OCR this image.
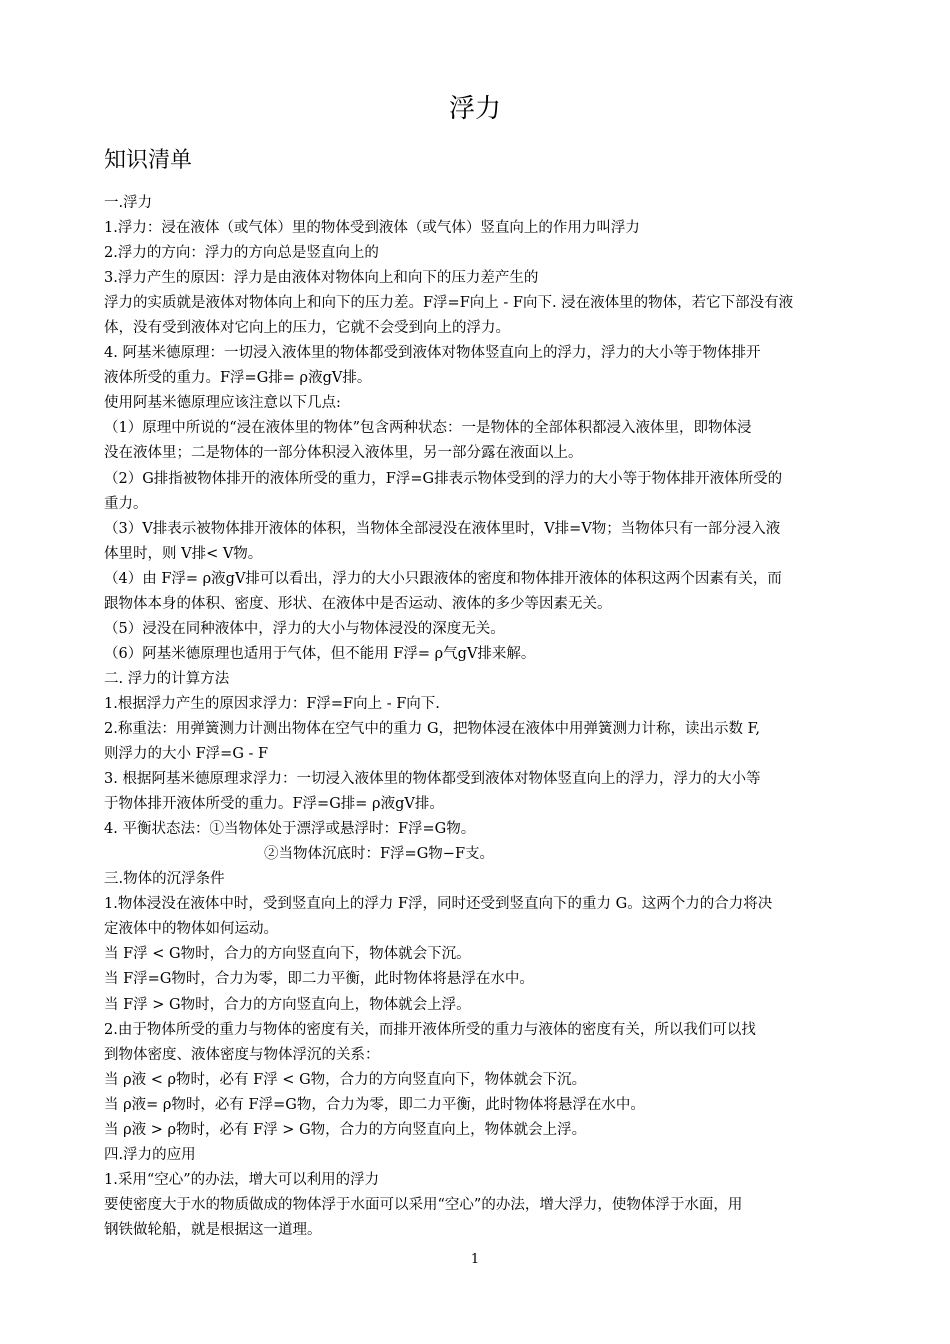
浮力
知识清单
一.浮力
1.浮力：浸在液体（或气体）里的物体受到液体（或气体）竖直向上的作用力叫浮力
2.浮力的方向：浮力的方向总是竖直向上的
3.浮力产生的原因：浮力是由液体对物体向上和向下的压力差产生的
浮力的实质就是液体对物体向上和向下的压力差。F浮=F向上 - F向下. 浸在液体里的物体，若它下部没有液
体，没有受到液体对它向上的压力，它就不会受到向上的浮力。
4. 阿基米德原理：一切浸入液体里的物体都受到液体对物体竖直向上的浮力，浮力的大小等于物体排开
液体所受的重力。F浮=G排= ρ液gV排。
使用阿基米德原理应该注意以下几点:
（1）原理中所说的“浸在液体里的物体”包含两种状态：一是物体的全部体积都浸入液体里，即物体浸
没在液体里；二是物体的一部分体积浸入液体里，另一部分露在液面以上。
（2）G排指被物体排开的液体所受的重力，F浮=G排表示物体受到的浮力的大小等于物体排开液体所受的
重力。
（3）V排表示被物体排开液体的体积，当物体全部浸没在液体里时，V排=V物；当物体只有一部分浸入液
体里时，则 V排< V物。
（4）由 F浮= ρ液gV排可以看出，浮力的大小只跟液体的密度和物体排开液体的体积这两个因素有关，而
跟物体本身的体积、密度、形状、在液体中是否运动、液体的多少等因素无关。
（5）浸没在同种液体中，浮力的大小与物体浸没的深度无关。
（6）阿基米德原理也适用于气体，但不能用 F浮= ρ气gV排来解。
二. 浮力的计算方法
1.根据浮力产生的原因求浮力：F浮=F向上 - F向下.
2.称重法：用弹簧测力计测出物体在空气中的重力 G，把物体浸在液体中用弹簧测力计称，读出示数 F,
则浮力的大小 F浮=G - F
3. 根据阿基米德原理求浮力：一切浸入液体里的物体都受到液体对物体竖直向上的浮力，浮力的大小等
于物体排开液体所受的重力。F浮=G排= ρ液gV排。
4. 平衡状态法：①当物体处于漂浮或悬浮时：F浮=G物。
②当物体沉底时：F浮=G物−F支。
三.物体的沉浮条件
1.物体浸没在液体中时，受到竖直向上的浮力 F浮，同时还受到竖直向下的重力 G。这两个力的合力将决
定液体中的物体如何运动。
当 F浮 < G物时，合力的方向竖直向下，物体就会下沉。
当 F浮=G物时，合力为零，即二力平衡，此时物体将悬浮在水中。
当 F浮 > G物时，合力的方向竖直向上，物体就会上浮。
2.由于物体所受的重力与物体的密度有关，而排开液体所受的重力与液体的密度有关，所以我们可以找
到物体密度、液体密度与物体浮沉的关系：
当 ρ液 < ρ物时，必有 F浮 < G物，合力的方向竖直向下，物体就会下沉。
当 ρ液= ρ物时，必有 F浮=G物，合力为零，即二力平衡，此时物体将悬浮在水中。
当 ρ液 > ρ物时，必有 F浮 > G物，合力的方向竖直向上，物体就会上浮。
四.浮力的应用
1.采用“空心”的办法，增大可以利用的浮力
要使密度大于水的物质做成的物体浮于水面可以采用“空心”的办法，增大浮力，使物体浮于水面，用
钢铁做轮船，就是根据这一道理。
1
